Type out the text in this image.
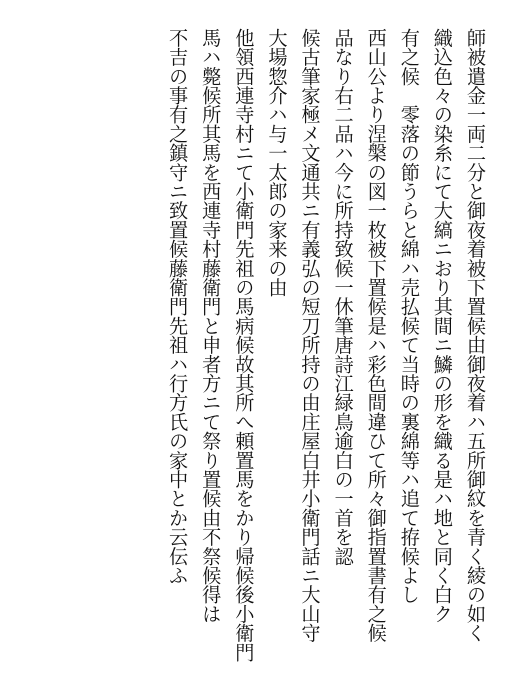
師被遣金一両二分と御夜着被下置候由御夜着ハ五所御紋を青く綾の如く
織込色々の染糸にて大縞ニおり其間ニ鱗の形を織る是ハ地と同く白ク
有之候　零落の節うらと綿ハ売払候て当時の裏綿等ハ追て拵候よし
西山公より涅槃の図一枚被下置候是ハ彩色間違ひて所々御指置書有之候
品なり右二品ハ今に所持致候一休筆唐詩江緑鳥逾白の一首を認
候古筆家極メ文通共ニ有義弘の短刀所持の由庄屋白井小衛門話ニ大山守
大場惣介ハ与一太郎の家来の由
他領西連寺村ニて小衛門先祖の馬病候故其所へ頼置馬をかり帰候後小衛門
馬ハ斃候所其馬を西連寺村藤衛門と申者方ニて祭り置候由不祭候得は
不吉の事有之鎮守ニ致置候藤衛門先祖ハ行方氏の家中とか云伝ふ
